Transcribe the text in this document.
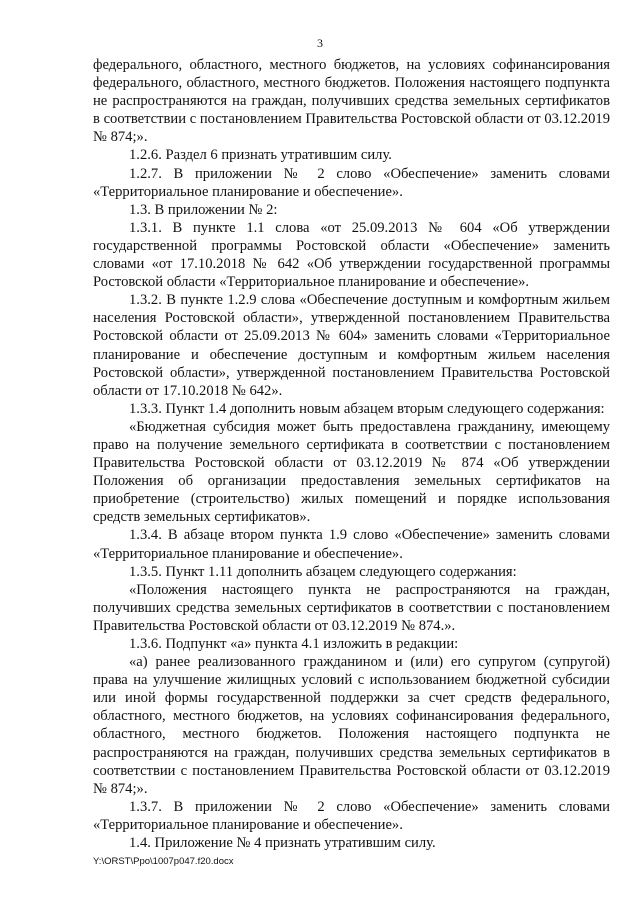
3

федерального, областного, местного бюджетов, на условиях софинансирования федерального, областного, местного бюджетов. Положения настоящего подпункта не распространяются на граждан, получивших средства земельных сертификатов в соответствии с постановлением Правительства Ростовской области от 03.12.2019 № 874;».

1.2.6. Раздел 6 признать утратившим силу.

1.2.7. В приложении № 2 слово «Обеспечение» заменить словами «Территориальное планирование и обеспечение».

1.3. В приложении № 2:

1.3.1. В пункте 1.1 слова «от 25.09.2013 № 604 «Об утверждении государственной программы Ростовской области «Обеспечение» заменить словами «от 17.10.2018 № 642 «Об утверждении государственной программы Ростовской области «Территориальное планирование и обеспечение».

1.3.2. В пункте 1.2.9 слова «Обеспечение доступным и комфортным жильем населения Ростовской области», утвержденной постановлением Правительства Ростовской области от 25.09.2013 № 604» заменить словами «Территориальное планирование и обеспечение доступным и комфортным жильем населения Ростовской области», утвержденной постановлением Правительства Ростовской области от 17.10.2018 № 642».

1.3.3. Пункт 1.4 дополнить новым абзацем вторым следующего содержания:

«Бюджетная субсидия может быть предоставлена гражданину, имеющему право на получение земельного сертификата в соответствии с постановлением Правительства Ростовской области от 03.12.2019 № 874 «Об утверждении Положения об организации предоставления земельных сертификатов на приобретение (строительство) жилых помещений и порядке использования средств земельных сертификатов».

1.3.4. В абзаце втором пункта 1.9 слово «Обеспечение» заменить словами «Территориальное планирование и обеспечение».

1.3.5. Пункт 1.11 дополнить абзацем следующего содержания:

«Положения настоящего пункта не распространяются на граждан, получивших средства земельных сертификатов в соответствии с постановлением Правительства Ростовской области от 03.12.2019 № 874.».

1.3.6. Подпункт «а» пункта 4.1 изложить в редакции:

«а) ранее реализованного гражданином и (или) его супругом (супругой) права на улучшение жилищных условий с использованием бюджетной субсидии или иной формы государственной поддержки за счет средств федерального, областного, местного бюджетов, на условиях софинансирования федерального, областного, местного бюджетов. Положения настоящего подпункта не распространяются на граждан, получивших средства земельных сертификатов в соответствии с постановлением Правительства Ростовской области от 03.12.2019 № 874;».

1.3.7. В приложении № 2 слово «Обеспечение» заменить словами «Территориальное планирование и обеспечение».

1.4. Приложение № 4 признать утратившим силу.

Y:\ORST\Ppo\1007p047.f20.docx
